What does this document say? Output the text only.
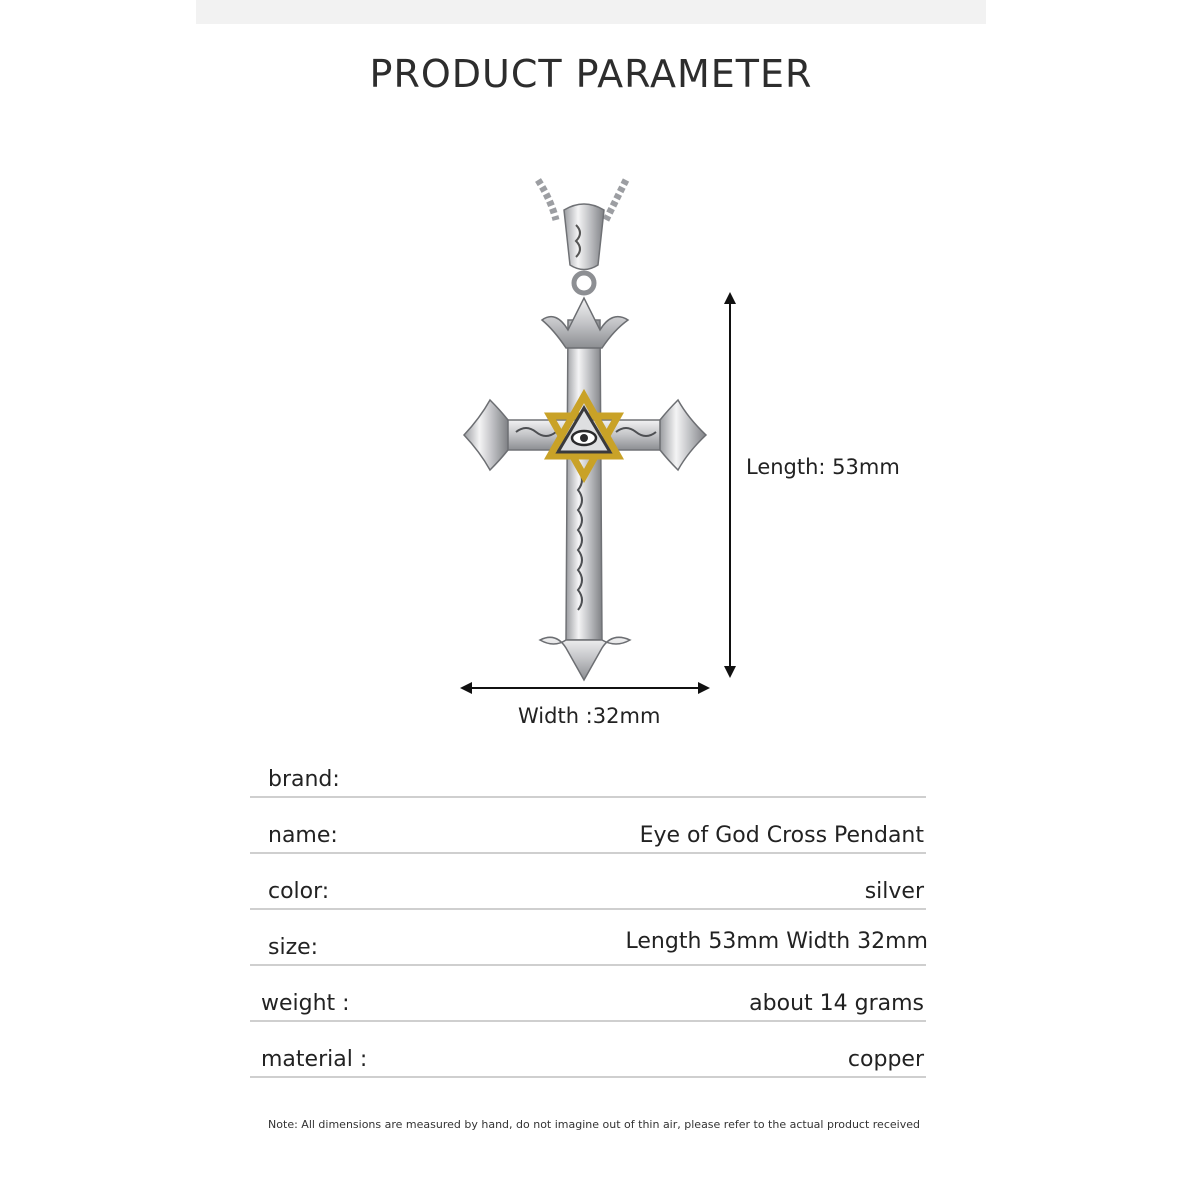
PRODUCT PARAMETER
Length: 53mm
Width :32mm
brand:
name:	Eye of God Cross Pendant
color:	silver
size:	Length 53mm Width 32mm
weight :	about 14 grams
material :	copper
Note: All dimensions are measured by hand, do not imagine out of thin air, please refer to the actual product received
